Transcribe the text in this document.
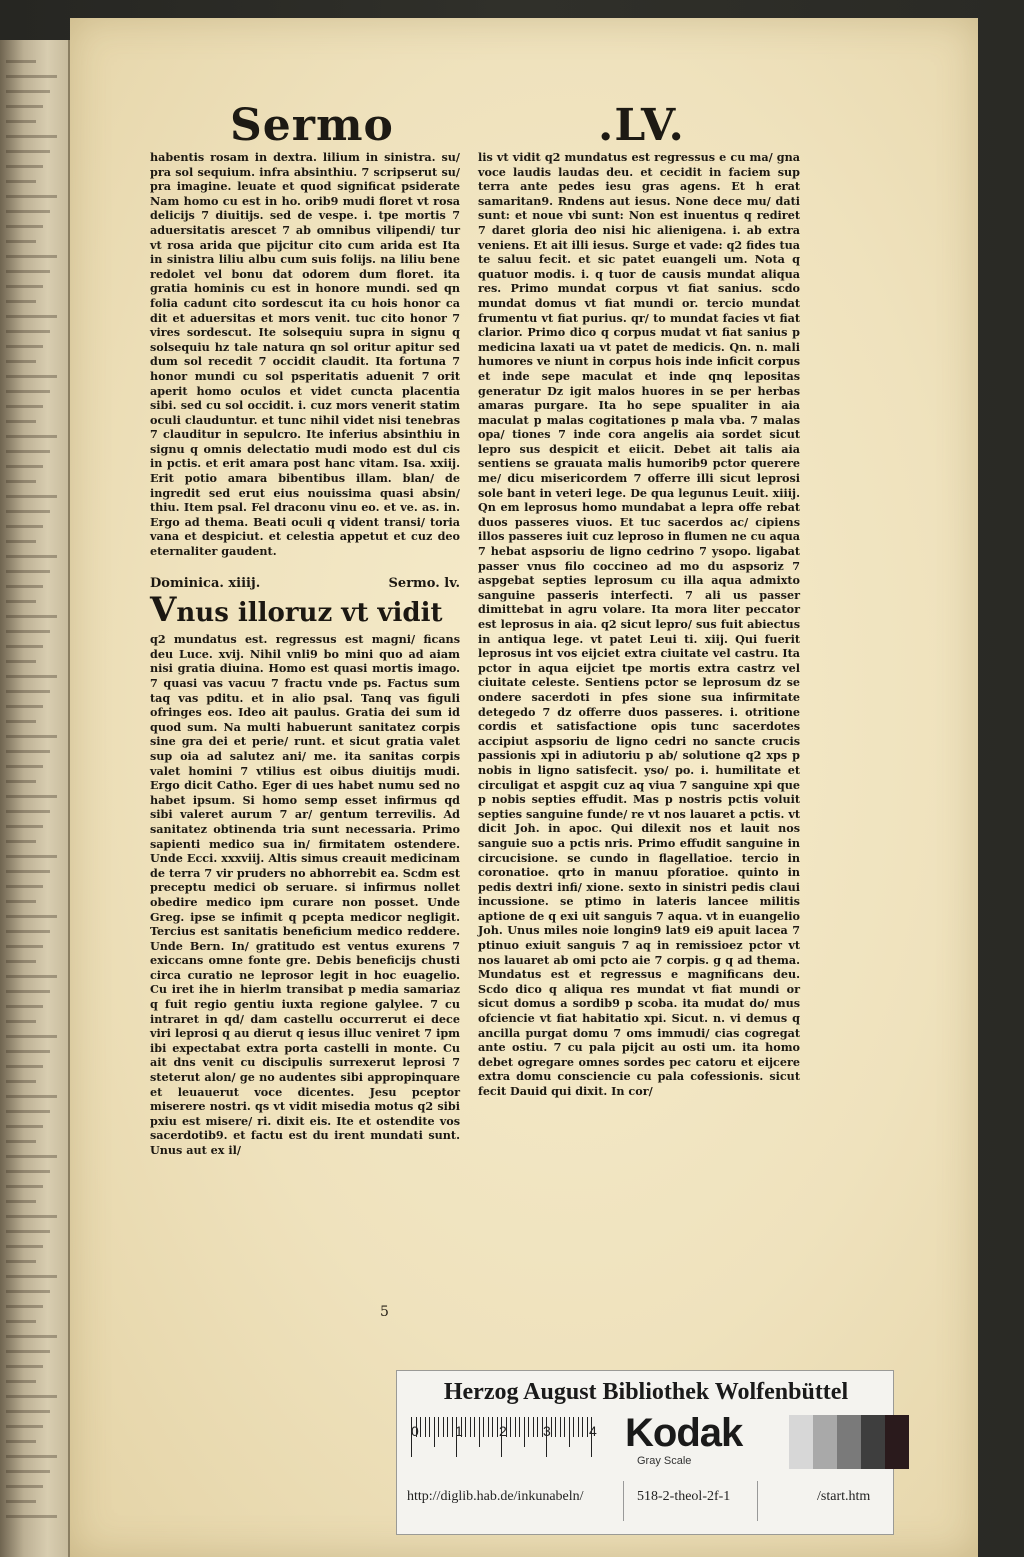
Sermo	.LV.

habentis rosam in dextra. lilium in sinistra. su/ pra sol sequium. infra absinthiu. 7 scripserut su/ pra imagine. leuate et quod significat psiderate Nam homo cu est in ho. orib9 mudi floret vt rosa delicijs 7 diuitijs. sed de vespe. i. tpe mortis 7 aduersitatis arescet 7 ab omnibus vilipendi/ tur vt rosa arida que pijcitur cito cum arida est Ita in sinistra liliu albu cum suis folijs. na liliu bene redolet vel bonu dat odorem dum floret. ita gratia hominis cu est in honore mundi. sed qn folia cadunt cito sordescut ita cu hois honor ca dit et aduersitas et mors venit. tuc cito honor 7 vires sordescut. Ite solsequiu supra in signu q solsequiu hz tale natura qn sol oritur apitur sed dum sol recedit 7 occidit claudit. Ita fortuna 7 honor mundi cu sol psperitatis aduenit 7 orit aperit homo oculos et videt cuncta placentia sibi. sed cu sol occidit. i. cuz mors venerit statim oculi clauduntur. et tunc nihil videt nisi tenebras 7 clauditur in sepulcro. Ite inferius absinthiu in signu q omnis delectatio mudi modo est dul cis in pctis. et erit amara post hanc vitam. Isa. xxiij. Erit potio amara bibentibus illam. blan/ de ingredit sed erut eius nouissima quasi absin/ thiu. Item psal. Fel draconu vinu eo. et ve. as. in. Ergo ad thema. Beati oculi q vident transi/ toria vana et despiciut. et celestia appetut et cuz deo eternaliter gaudent.

Dominica. xiiij.	Sermo. lv.
Vnus illoruz vt vidit

q2 mundatus est. regressus est magni/ ficans deu Luce. xvij. Nihil vnli9 bo mini quo ad aiam nisi gratia diuina. Homo est quasi mortis imago. 7 quasi vas vacuu 7 fractu vnde ps. Factus sum taq vas pditu. et in alio psal. Tanq vas figuli ofringes eos. Ideo ait paulus. Gratia dei sum id quod sum. Na multi habuerunt sanitatez corpis sine gra dei et perie/ runt. et sicut gratia valet sup oia ad salutez ani/ me. ita sanitas corpis valet homini 7 vtilius est oibus diuitijs mudi. Ergo dicit Catho. Eger di ues habet numu sed no habet ipsum. Si homo semp esset infirmus qd sibi valeret aurum 7 ar/ gentum terrevilis. Ad sanitatez obtinenda tria sunt necessaria. Primo sapienti medico sua in/ firmitatem ostendere. Unde Ecci. xxxviij. Altis simus creauit medicinam de terra 7 vir pruders no abhorrebit ea. Scdm est preceptu medici ob seruare. si infirmus nollet obedire medico ipm curare non posset. Unde Greg. ipse se infimit q pcepta medicor negligit. Tercius est sanitatis beneficium medico reddere. Unde Bern. In/ gratitudo est ventus exurens 7 exiccans omne fonte gre. Debis beneficijs chusti circa curatio ne leprosor legit in hoc euagelio. Cu iret ihe in hierlm transibat p media samariaz q fuit regio gentiu iuxta regione galylee. 7 cu intraret in qd/ dam castellu occurrerut ei dece viri leprosi q au dierut q iesus illuc veniret 7 ipm ibi expectabat extra porta castelli in monte. Cu ait dns venit cu discipulis surrexerut leprosi 7 steterut alon/ ge no audentes sibi appropinquare et leuauerut voce dicentes. Jesu pceptor miserere nostri. qs vt vidit misedia motus q2 sibi pxiu est misere/ ri. dixit eis. Ite et ostendite vos sacerdotib9. et factu est du irent mundati sunt. Unus aut ex il/

lis vt vidit q2 mundatus est regressus e cu ma/ gna voce laudis laudas deu. et cecidit in faciem sup terra ante pedes iesu gras agens. Et h erat samaritan9. Rndens aut iesus. None dece mu/ dati sunt: et noue vbi sunt: Non est inuentus q rediret 7 daret gloria deo nisi hic alienigena. i. ab extra veniens. Et ait illi iesus. Surge et vade: q2 fides tua te saluu fecit. et sic patet euangeli um. Nota q quatuor modis. i. q tuor de causis mundat aliqua res. Primo mundat corpus vt fiat sanius. scdo mundat domus vt fiat mundi or. tercio mundat frumentu vt fiat purius. qr/ to mundat facies vt fiat clarior. Primo dico q corpus mudat vt fiat sanius p medicina laxati ua vt patet de medicis. Qn. n. mali humores ve niunt in corpus hois inde inficit corpus et inde sepe maculat et inde qnq lepositas generatur Dz igit malos huores in se per herbas amaras purgare. Ita ho sepe spualiter in aia maculat p malas cogitationes p mala vba. 7 malas opa/ tiones 7 inde cora angelis aia sordet sicut lepro sus despicit et eiicit. Debet ait talis aia sentiens se grauata malis humorib9 pctor querere me/ dicu misericordem 7 offerre illi sicut leprosi sole bant in veteri lege. De qua legunus Leuit. xiiij. Qn em leprosus homo mundabat a lepra offe rebat duos passeres viuos. Et tuc sacerdos ac/ cipiens illos passeres iuit cuz leproso in flumen ne cu aqua 7 hebat aspsoriu de ligno cedrino 7 ysopo. ligabat passer vnus filo coccineo ad mo du aspsoriz 7 aspgebat septies leprosum cu illa aqua admixto sanguine passeris interfecti. 7 ali us passer dimittebat in agru volare. Ita mora liter peccator est leprosus in aia. q2 sicut lepro/ sus fuit abiectus in antiqua lege. vt patet Leui ti. xiij. Qui fuerit leprosus int vos eijciet extra ciuitate vel castru. Ita pctor in aqua eijciet tpe mortis extra castrz vel ciuitate celeste. Sentiens pctor se leprosum dz se ondere sacerdoti in pfes sione sua infirmitate detegedo 7 dz offerre duos passeres. i. otritione cordis et satisfactione opis tunc sacerdotes accipiut aspsoriu de ligno cedri no sancte crucis passionis xpi in adiutoriu p ab/ solutione q2 xps p nobis in ligno satisfecit. yso/ po. i. humilitate et circuligat et aspgit cuz aq viua 7 sanguine xpi que p nobis septies effudit. Mas p nostris pctis voluit septies sanguine funde/ re vt nos lauaret a pctis. vt dicit Joh. in apoc. Qui dilexit nos et lauit nos sanguie suo a pctis nris. Primo effudit sanguine in circucisione. se cundo in flagellatioe. tercio in coronatioe. qrto in manuu pforatioe. quinto in pedis dextri infi/ xione. sexto in sinistri pedis claui incussione. se ptimo in lateris lancee militis aptione de q exi uit sanguis 7 aqua. vt in euangelio Joh. Unus miles noie longin9 lat9 ei9 apuit lacea 7 ptinuo exiuit sanguis 7 aq in remissioez pctor vt nos lauaret ab omi pcto aie 7 corpis. g q ad thema. Mundatus est et regressus e magnificans deu. Scdo dico q aliqua res mundat vt fiat mundi or sicut domus a sordib9 p scoba. ita mudat do/ mus ofciencie vt fiat habitatio xpi. Sicut. n. vi demus q ancilla purgat domu 7 oms immudi/ cias cogregat ante ostiu. 7 cu pala pijcit au osti um. ita homo debet ogregare omnes sordes pec catoru et eijcere extra domu consciencie cu pala cofessionis. sicut fecit Dauid qui dixit. In cor/

5
Herzog August Bibliothek Wolfenbüttel
0	1	2	3	4 Kodak
Gray Scale
http://diglib.hab.de/inkunabeln/	518-2-theol-2f-1	/start.htm
